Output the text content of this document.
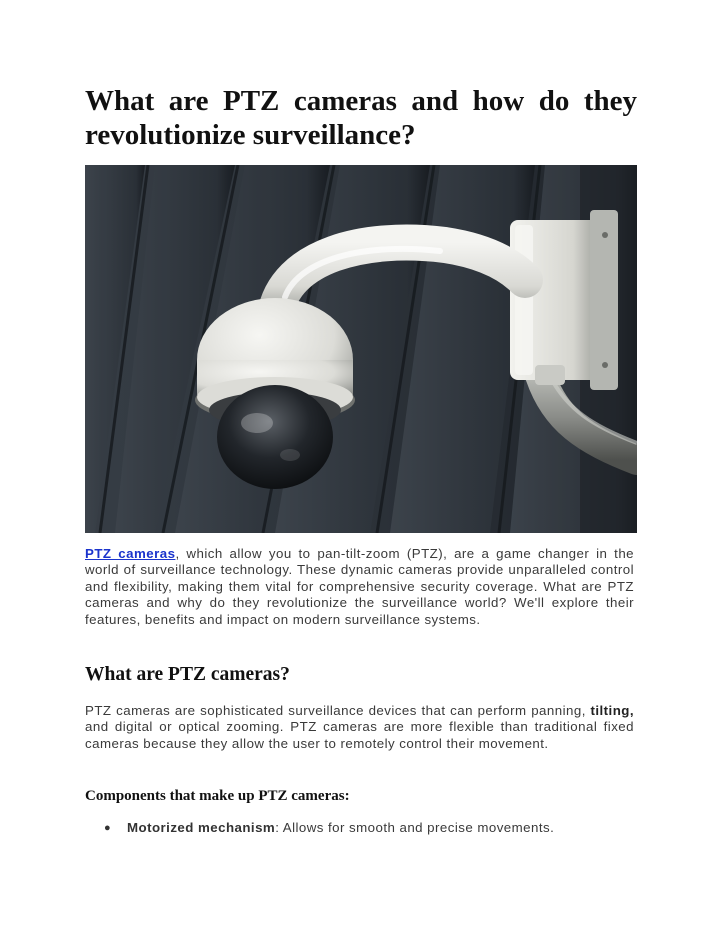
What are PTZ cameras and how do they revolutionize surveillance?

PTZ cameras, which allow you to pan-tilt-zoom (PTZ), are a game changer in the world of surveillance technology. These dynamic cameras provide unparalleled control and flexibility, making them vital for comprehensive security coverage. What are PTZ cameras and why do they revolutionize the surveillance world? We'll explore their features, benefits and impact on modern surveillance systems.

What are PTZ cameras?

PTZ cameras are sophisticated surveillance devices that can perform panning, tilting, and digital or optical zooming. PTZ cameras are more flexible than traditional fixed cameras because they allow the user to remotely control their movement.

Components that make up PTZ cameras:
● Motorized mechanism: Allows for smooth and precise movements.
